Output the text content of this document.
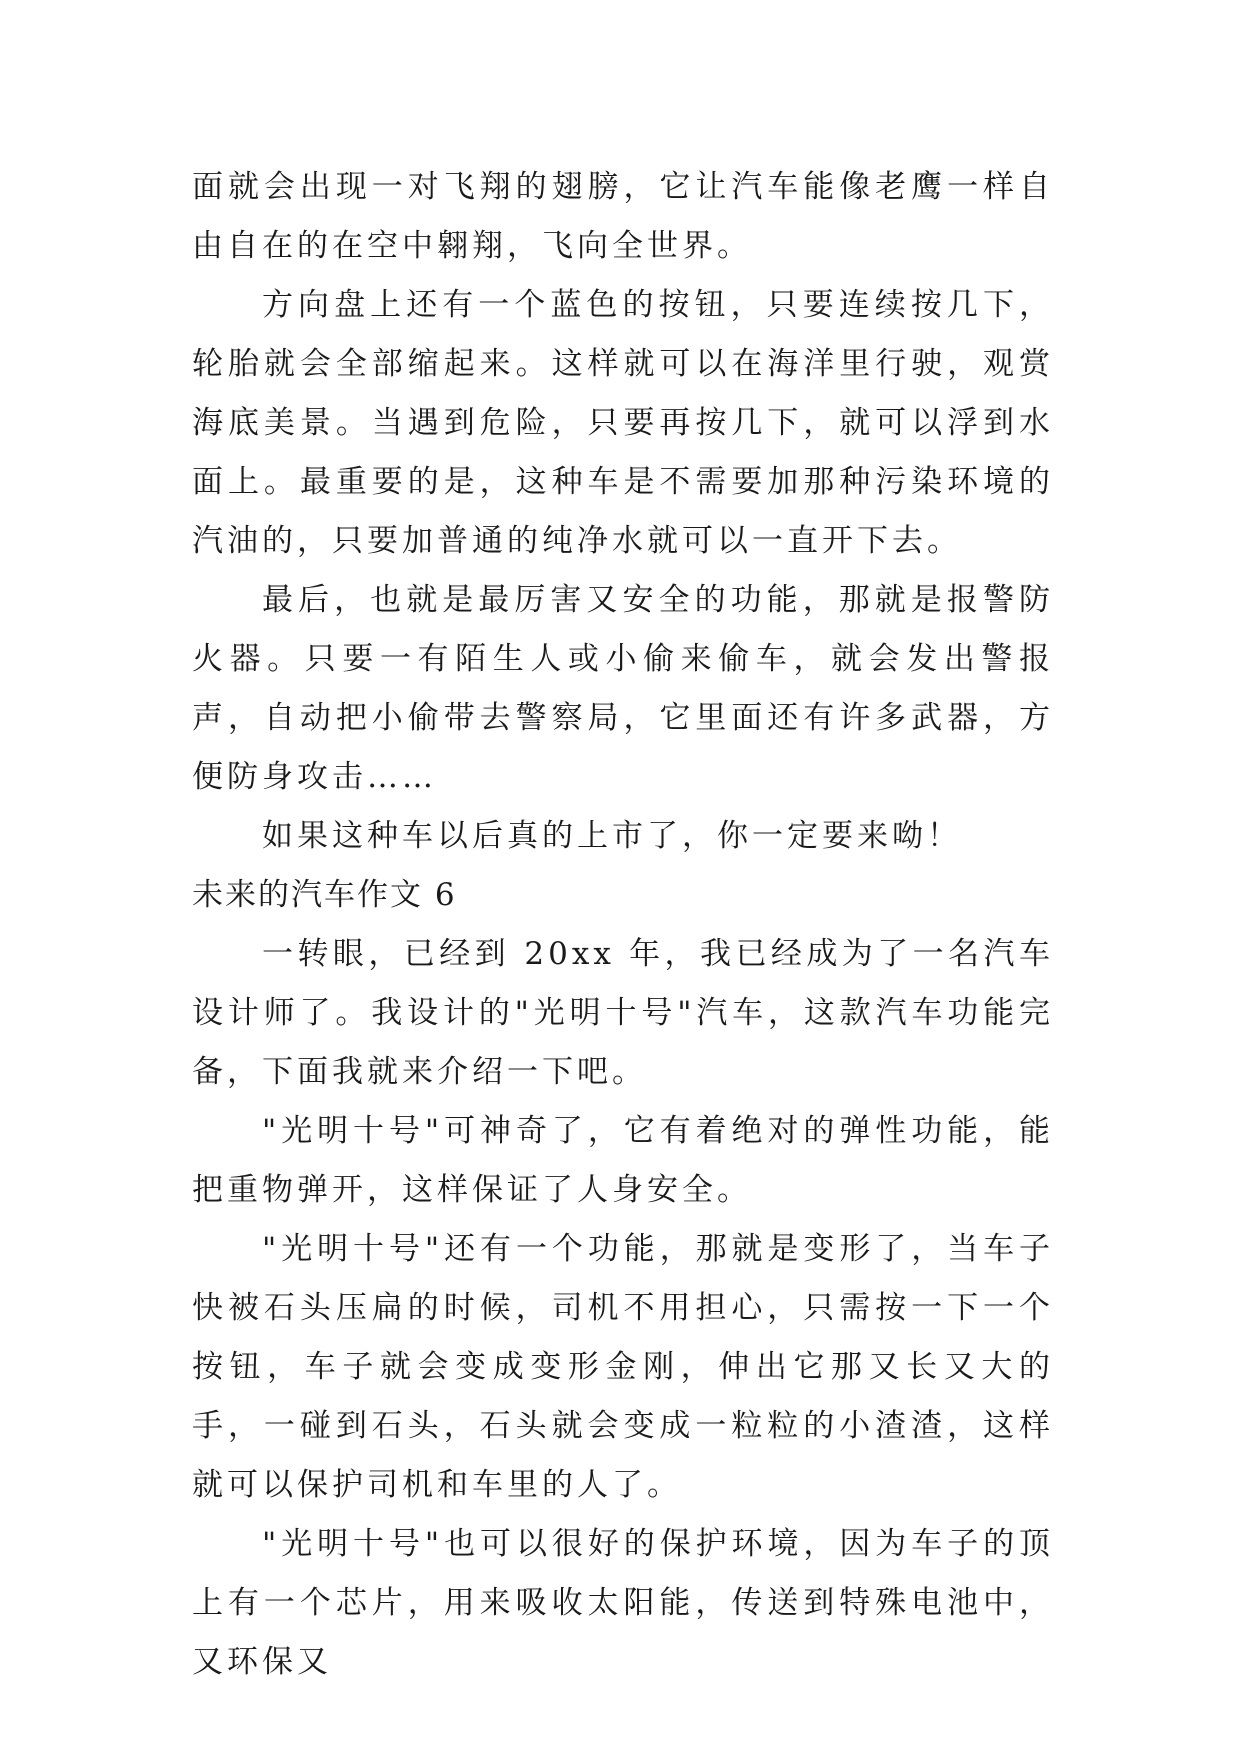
面就会出现一对飞翔的翅膀，它让汽车能像老鹰一样自由自在的在空中翱翔，飞向全世界。

方向盘上还有一个蓝色的按钮，只要连续按几下，轮胎就会全部缩起来。这样就可以在海洋里行驶，观赏海底美景。当遇到危险，只要再按几下，就可以浮到水面上。最重要的是，这种车是不需要加那种污染环境的汽油的，只要加普通的纯净水就可以一直开下去。

最后，也就是最厉害又安全的功能，那就是报警防火器。只要一有陌生人或小偷来偷车，就会发出警报声，自动把小偷带去警察局，它里面还有许多武器，方便防身攻击……

如果这种车以后真的上市了，你一定要来呦！

未来的汽车作文 6

一转眼，已经到 20xx 年，我已经成为了一名汽车设计师了。我设计的"光明十号"汽车，这款汽车功能完备，下面我就来介绍一下吧。

"光明十号"可神奇了，它有着绝对的弹性功能，能把重物弹开，这样保证了人身安全。

"光明十号"还有一个功能，那就是变形了，当车子快被石头压扁的时候，司机不用担心，只需按一下一个按钮，车子就会变成变形金刚，伸出它那又长又大的手，一碰到石头，石头就会变成一粒粒的小渣渣，这样就可以保护司机和车里的人了。

"光明十号"也可以很好的保护环境，因为车子的顶上有一个芯片，用来吸收太阳能，传送到特殊电池中，又环保又
